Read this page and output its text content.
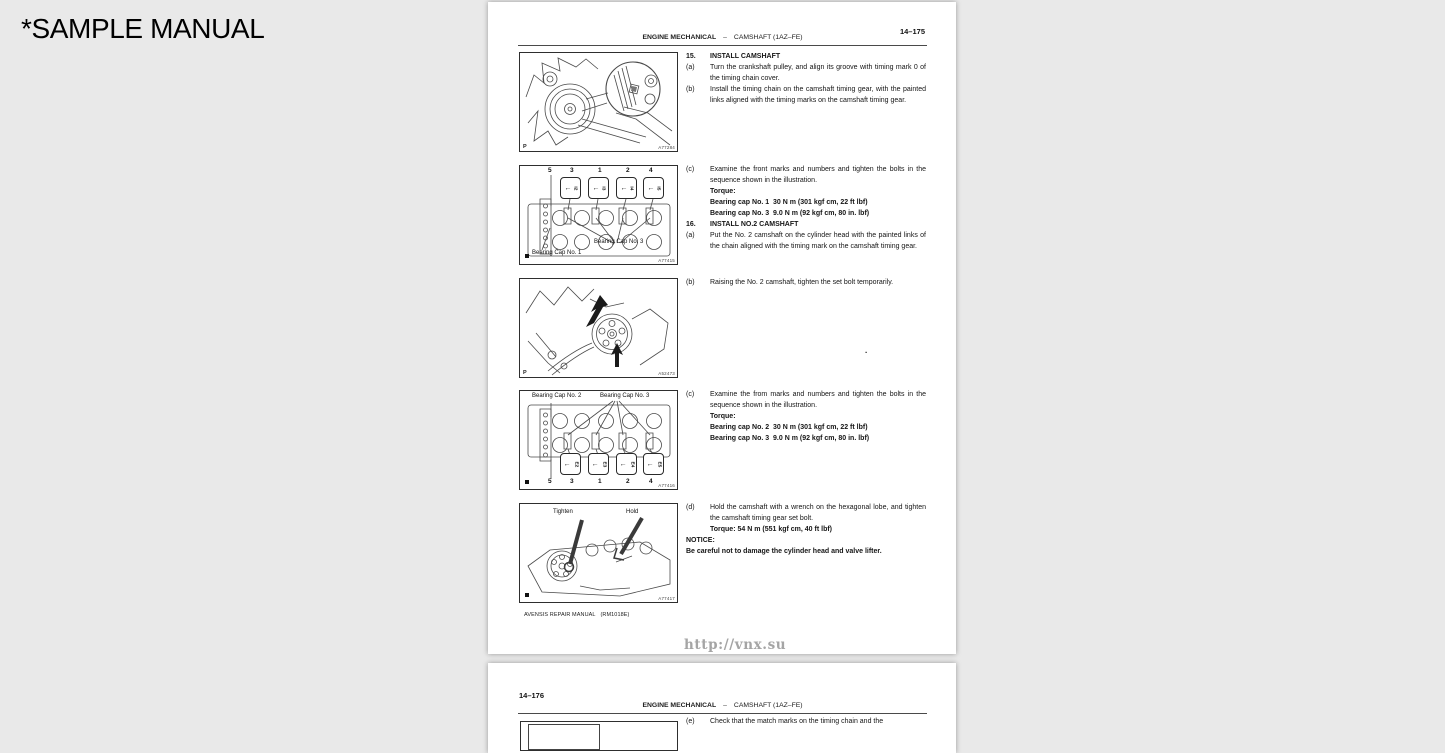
*SAMPLE MANUAL	14–175
ENGINE MECHANICAL – CAMSHAFT (1AZ–FE)
P	A77284
5	3	1	2	4
← I2 ← I3 ← I4 ← I5
Bearing Cap No. 1
Bearing Cap No. 3
A77415
P	A52473
Bearing Cap No. 2	Bearing Cap No. 3
← E2 ← E3 ← E4 ← E5
5	3	1	2	4
A77416
Tighten	Hold
A77417
15.	INSTALL CAMSHAFT

(a)	Turn the crankshaft pulley, and align its groove with timing mark 0 of the timing chain cover.

(b)	Install the timing chain on the camshaft timing gear, with the painted links aligned with the timing marks on the camshaft timing gear.

(c)	Examine the front marks and numbers and tighten the bolts in the sequence shown in the illustration.

Torque:

Bearing cap No. 1  30 N m (301 kgf cm, 22 ft lbf)

Bearing cap No. 3  9.0 N m (92 kgf cm, 80 in. lbf)

16.	INSTALL NO.2 CAMSHAFT

(a)	Put the No. 2 camshaft on the cylinder head with the painted links of the chain aligned with the timing mark on the camshaft timing gear.

(b)	Raising the No. 2 camshaft, tighten the set bolt temporarily.

(c)	Examine the from marks and numbers and tighten the bolts in the sequence shown in the illustration.

Torque:

Bearing cap No. 2  30 N m (301 kgf cm, 22 ft lbf)

Bearing cap No. 3  9.0 N m (92 kgf cm, 80 in. lbf)

(d)	Hold the camshaft with a wrench on the hexagonal lobe, and tighten the camshaft timing gear set bolt.

Torque: 54 N m (551 kgf cm, 40 ft lbf)

NOTICE:

Be careful not to damage the cylinder head and valve lifter.

.
AVENSIS REPAIR MANUAL   (RM1018E)
http://vnx.su
14–176
ENGINE MECHANICAL – CAMSHAFT (1AZ–FE)
(e)	Check that the match marks on the timing chain and the
